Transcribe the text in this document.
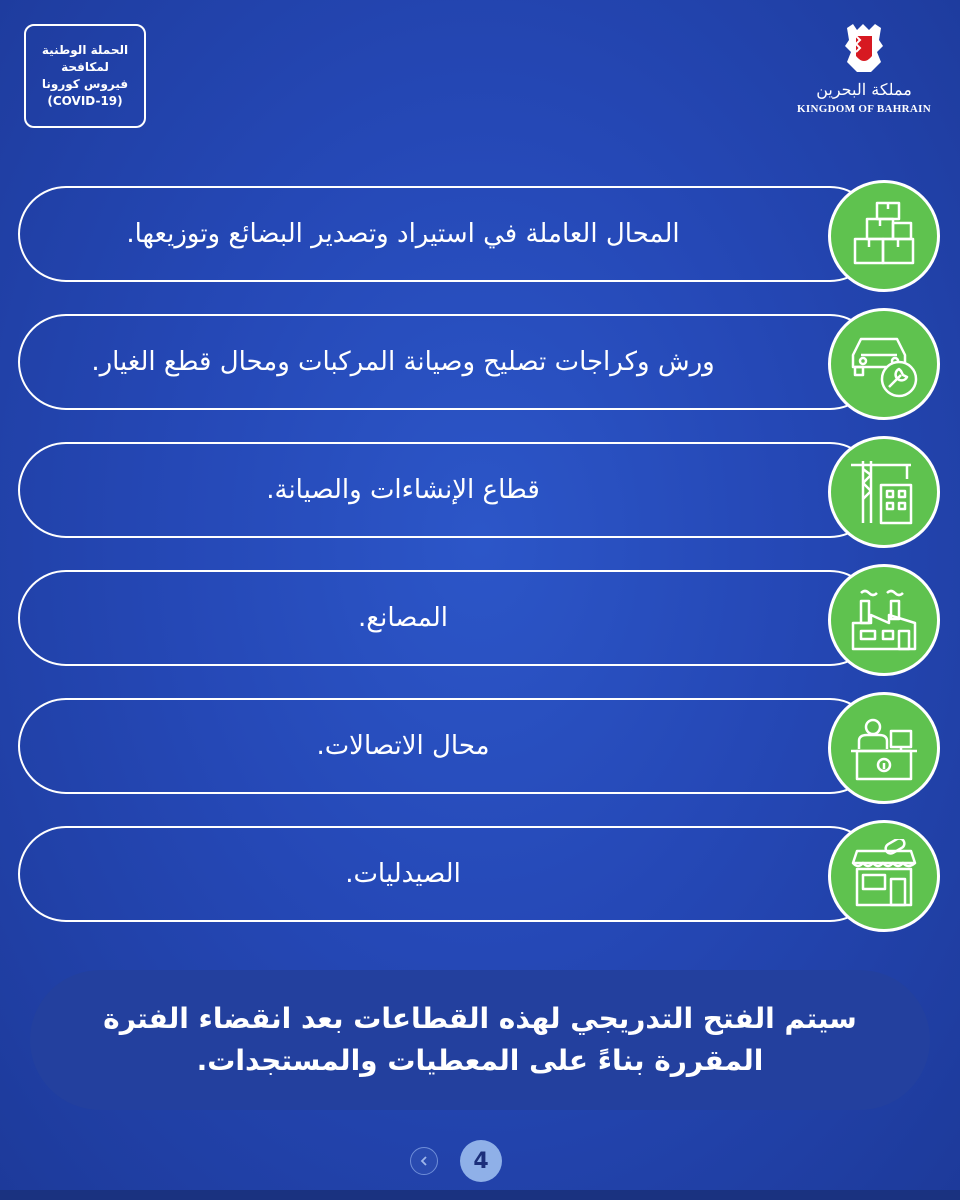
الحملة الوطنية
لمكافحة
فيروس كورونا
(COVID-19)
مملكة البحرين
KINGDOM OF BAHRAIN
المحال العاملة في استيراد وتصدير البضائع وتوزيعها.
ورش وكراجات تصليح وصيانة المركبات ومحال قطع الغيار.
قطاع الإنشاءات والصيانة.
المصانع.
محال الاتصالات.
الصيدليات.
سيتم الفتح التدريجي لهذه القطاعات بعد انقضاء الفترة
المقررة بناءً على المعطيات والمستجدات.
4
